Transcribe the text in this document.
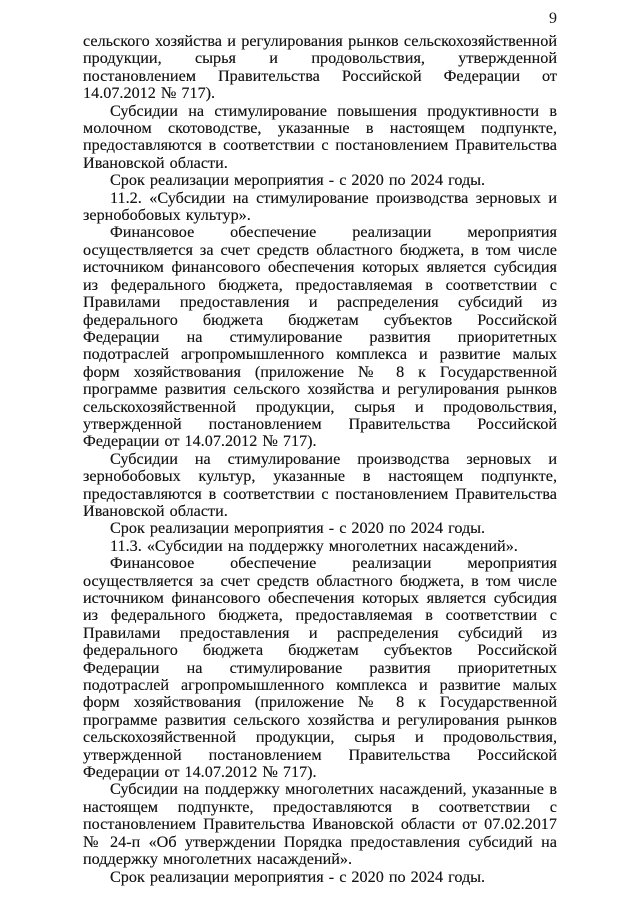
9

сельского хозяйства и регулирования рынков сельскохозяйственной продукции, сырья и продовольствия, утвержденной постановлением Правительства Российской Федерации от 14.07.2012 № 717).

Субсидии на стимулирование повышения продуктивности в молочном скотоводстве, указанные в настоящем подпункте, предоставляются в соответствии с постановлением Правительства Ивановской области.

Срок реализации мероприятия - с 2020 по 2024 годы.

11.2. «Субсидии на стимулирование производства зерновых и зернобобовых культур».

Финансовое обеспечение реализации мероприятия осуществляется за счет средств областного бюджета, в том числе источником финансового обеспечения которых является субсидия из федерального бюджета, предоставляемая в соответствии с Правилами предоставления и распределения субсидий из федерального бюджета бюджетам субъектов Российской Федерации на стимулирование развития приоритетных подотраслей агропромышленного комплекса и развитие малых форм хозяйствования (приложение № 8 к Государственной программе развития сельского хозяйства и регулирования рынков сельскохозяйственной продукции, сырья и продовольствия, утвержденной постановлением Правительства Российской Федерации от 14.07.2012 № 717).

Субсидии на стимулирование производства зерновых и зернобобовых культур, указанные в настоящем подпункте, предоставляются в соответствии с постановлением Правительства Ивановской области.

Срок реализации мероприятия - с 2020 по 2024 годы.

11.3. «Субсидии на поддержку многолетних насаждений».

Финансовое обеспечение реализации мероприятия осуществляется за счет средств областного бюджета, в том числе источником финансового обеспечения которых является субсидия из федерального бюджета, предоставляемая в соответствии с Правилами предоставления и распределения субсидий из федерального бюджета бюджетам субъектов Российской Федерации на стимулирование развития приоритетных подотраслей агропромышленного комплекса и развитие малых форм хозяйствования (приложение № 8 к Государственной программе развития сельского хозяйства и регулирования рынков сельскохозяйственной продукции, сырья и продовольствия, утвержденной постановлением Правительства Российской Федерации от 14.07.2012 № 717).

Субсидии на поддержку многолетних насаждений, указанные в настоящем подпункте, предоставляются в соответствии с постановлением Правительства Ивановской области от 07.02.2017 № 24-п «Об утверждении Порядка предоставления субсидий на поддержку многолетних насаждений».

Срок реализации мероприятия - с 2020 по 2024 годы.
